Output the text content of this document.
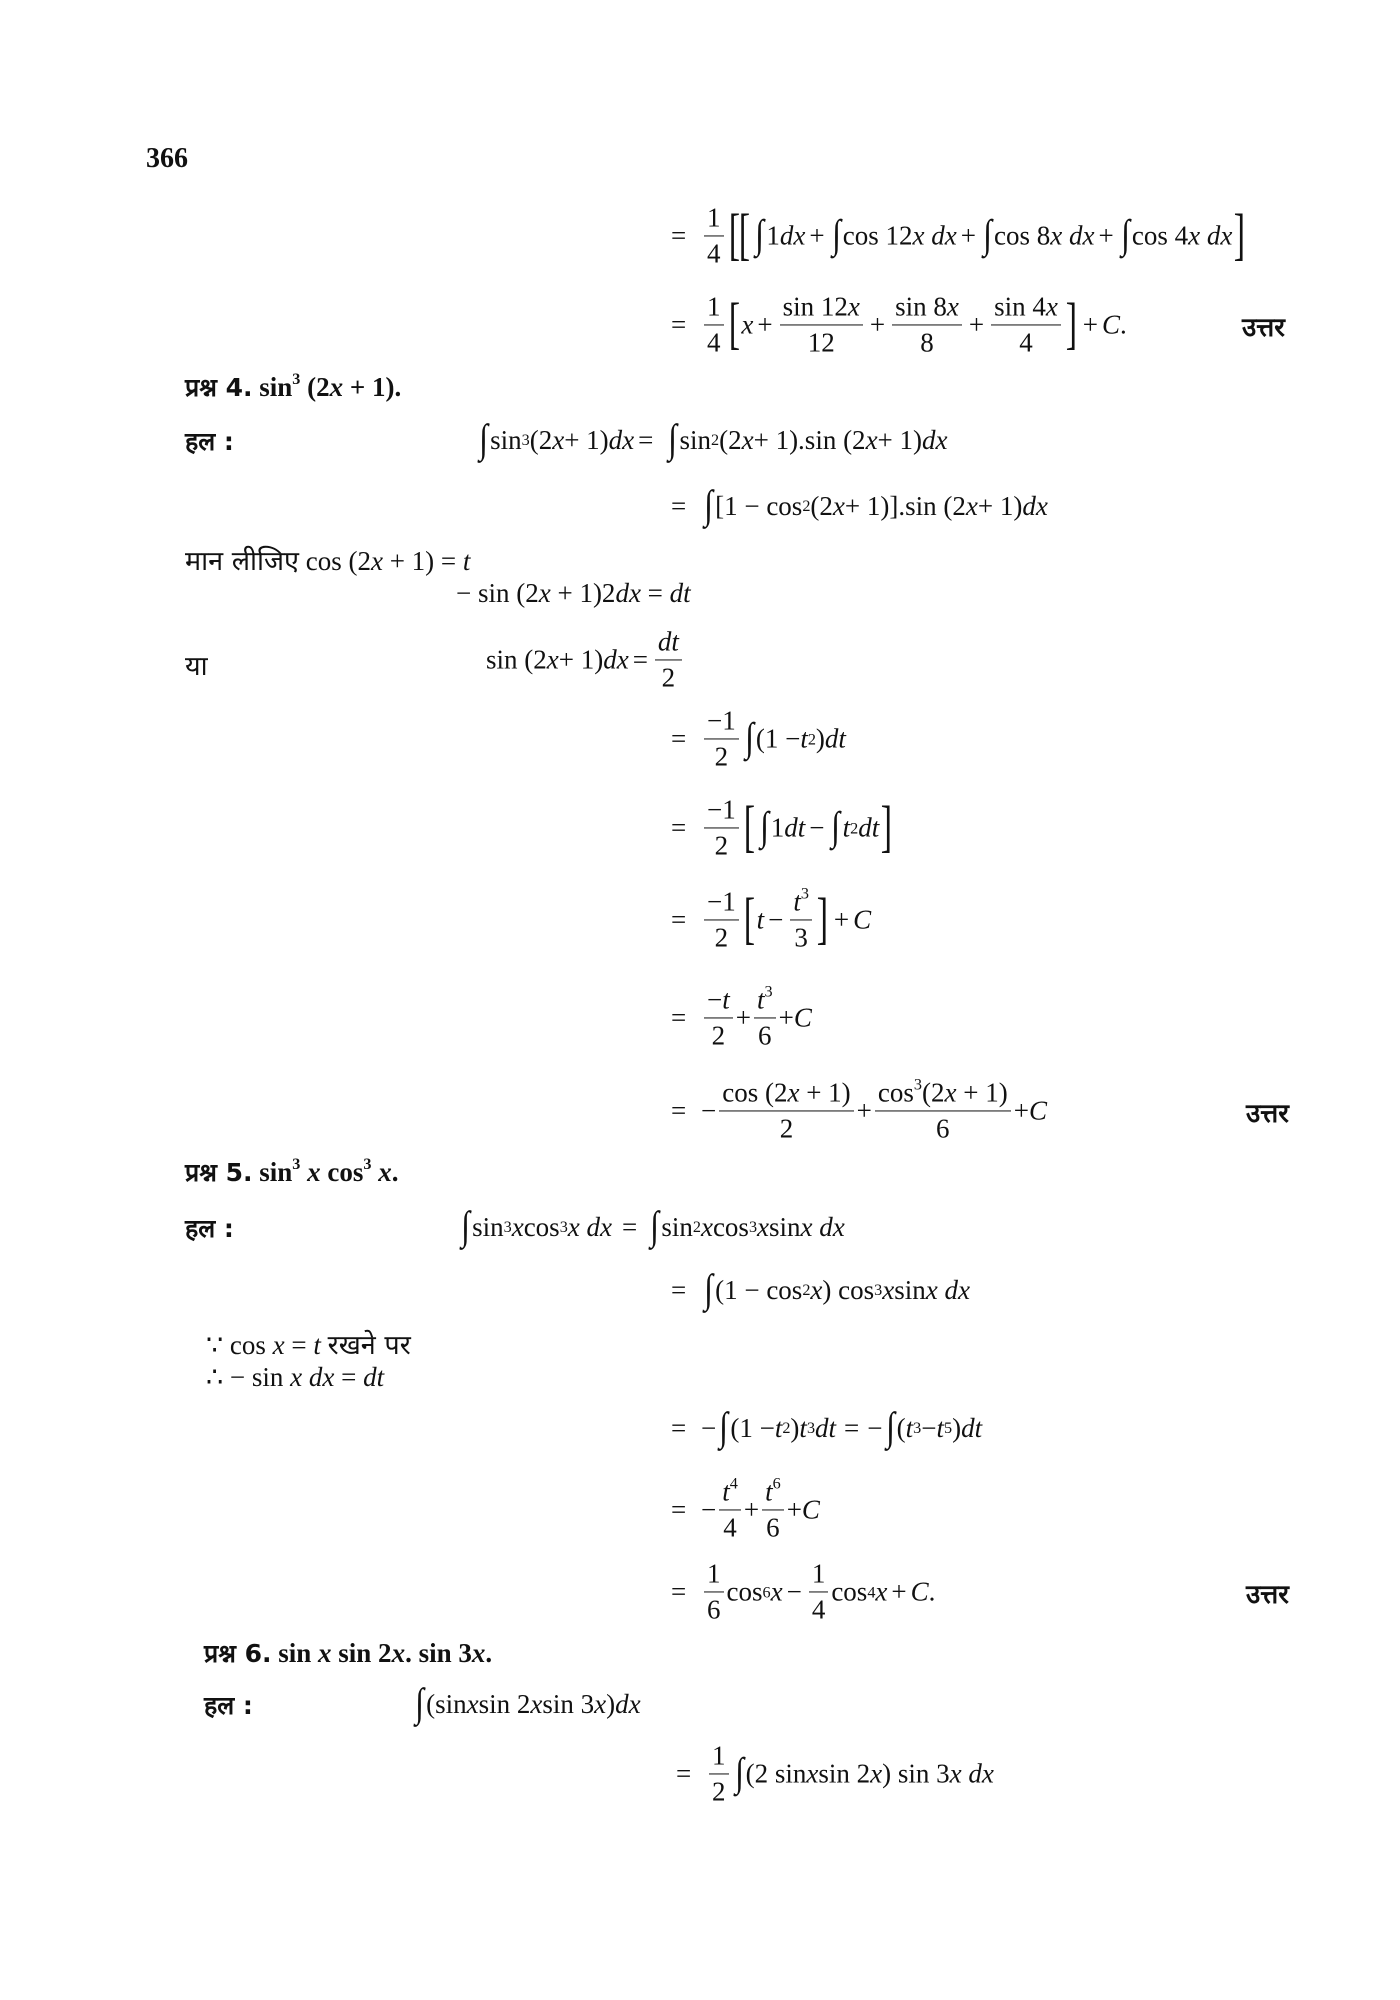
366
= $\frac{1}{4}$ [ [ ∫ 1 dx + ∫ cos 12 x dx + ∫ cos 8 x dx + ∫ cos 4 x dx ]
= $\frac{1}{4}$ [ $x + \frac{\sin 12x}{12} + \frac{\sin 8x}{8} + \frac{\sin 4x}{4}$ ] + C .	उत्तर
प्रश्न 4. $\sin^3 (2x + 1)$.
हल :	∫ sin 3 (2 x + 1) dx = ∫ sin 2 (2 x + 1).sin (2 x + 1) dx
= ∫ [1 − cos 2 (2 x + 1)].sin (2 x + 1) dx
मान लीजिए cos (2x + 1) = t
− sin (2x + 1)2dx = dt
या	sin (2 x + 1) dx = $\frac{dt}{2}$
= $\frac{-1}{2}$ ∫ (1 − t 2 ) dt
= $\frac{-1}{2}$ [ ∫ 1 dt − ∫ t 2 dt ]
= $\frac{-1}{2}$ [ $t - \frac{t^3}{3}$ ] + C
= $\frac{-t}{2} + \frac{t^3}{6} + C$
= − $\frac{\cos (2x + 1)}{2} + \frac{\cos^3(2x + 1)}{6} + C$	उत्तर
प्रश्न 5. $\sin^3 x$ $\cos^3 x$.
हल :	∫ sin 3 x cos 3 x dx = ∫ sin 2 x cos 3 x sin x dx
= ∫ (1 − cos 2 x ) cos 3 x sin x dx
∵ cos x = t रखने पर
∴ − sin x dx = dt
= − ∫ (1 − t 2 ) t 3 dt = − ∫ ( t 3 − t 5 ) dt
= − $\frac{t^4}{4} + \frac{t^6}{6} + C$
= $\frac{1}{6}$ cos 6 $x - \frac{1}{4}$ cos 4 x + C .	उत्तर
प्रश्न 6. sin x sin 2x. sin 3x.
हल :	∫ (sin x sin 2 x sin 3 x ) dx
= $\frac{1}{2}$ ∫ (2 sin x sin 2 x ) sin 3 x dx
